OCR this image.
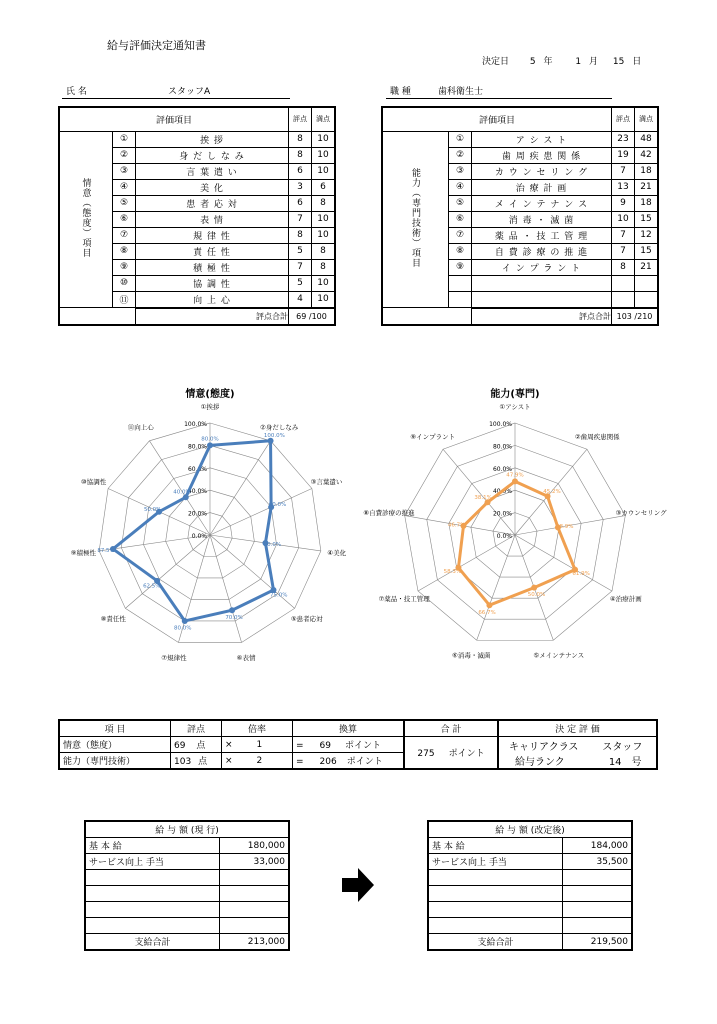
給与評価決定通知書
決定日 5 年	1 月 15 日
氏 名	スタッフA	職 種	歯科衛生士
評価項目			評点	満点
情意（態度）項目	①	挨 拶	8	10
	②	身 だ し な み	8	10
	③	言 葉 遣 い	6	10
	④	美 化	3	6
	⑤	患 者 応 対	6	8
	⑥	表 情	7	10
	⑦	規 律 性	8	10
	⑧	責 任 性	5	8
	⑨	積 極 性	7	8
	⑩	協 調 性	5	10
	⑪	向 上 心	4	10
		評点合計	69 /100	
評価項目			評点	満点
能力（専門技術）項目	①	ア シ ス ト	23	48
	②	歯 周 疾 患 関 係	19	42
	③	カ ウ ン セ リ ン グ	7	18
	④	治 療 計 画	13	21
	⑤	メ イ ン テ ナ ン ス	9	18
	⑥	消 毒 ・ 滅 菌	10	15
	⑦	薬 品 ・ 技 工 管 理	7	12
	⑧	自 費 診 療 の 推 進	7	15
	⑨	イ ン プ ラ ン ト	8	21

		評点合計	103 /210	
情意(態度)
0.0%
20.0%
40.0%
60.0%
80.0%
100.0%
80.0%
100.0%
60.0%
50.0%
75.0%
70.0%
80.0%
62.5%
87.5%
50.0%
40.0%
①挨拶
②身だしなみ
③言葉遣い
④美化
⑤患者応対
⑥表情
⑦規律性
⑧責任性
⑨積極性
⑩協調性
⑪向上心
能力(専門)
0.0%
20.0%
40.0%
60.0%
80.0%
100.0%
47.9%
45.2%
38.9%
61.9%
50.0%
66.7%
58.3%
46.7%
38.1%
①アシスト
②歯周疾患関係
③カウンセリング
④治療計画
⑤メインテナンス
⑥消毒・滅菌
⑦薬品・技工管理
⑧自費診療の推進
⑨インプラント
項 目	評点	倍率	換算	合 計	決 定 評 価
情意（態度）	69 点	× 1	= 69 ポイント	275 ポイント	キャリアクラス スタッフ
給与ランク 14 号

能力（専門技術）	103 点	× 2	= 206 ポイント		
給 与 額 (現 行)	
基 本 給	180,000
サービス向上 手当	33,000

支給合計	213,000
給 与 額 (改定後)	
基 本 給	184,000
サービス向上 手当	35,500

支給合計	219,500
